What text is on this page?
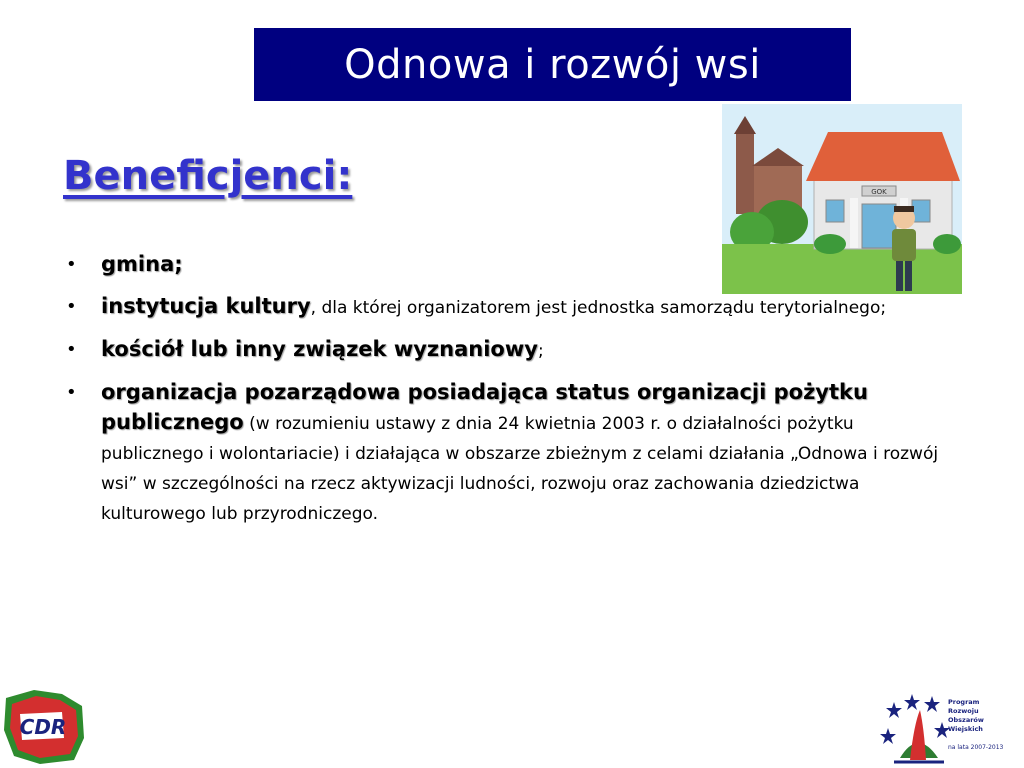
Odnowa i rozwój wsi
Beneficjenci:	GOK
• gmina;
• instytucja kultury, dla której organizatorem jest jednostka samorządu terytorialnego;
• kościół lub inny związek wyznaniowy;
• organizacja pozarządowa posiadająca status organizacji pożytku publicznego (w rozumieniu ustawy z dnia 24 kwietnia 2003 r. o działalności pożytku publicznego i wolontariacie) i działająca w obszarze zbieżnym z celami działania „Odnowa i rozwój wsi” w szczególności na rzecz aktywizacji ludności, rozwoju oraz zachowania dziedzictwa kulturowego lub przyrodniczego.
CDR
Program
Rozwoju
Obszarów
Wiejskich
na lata 2007-2013
